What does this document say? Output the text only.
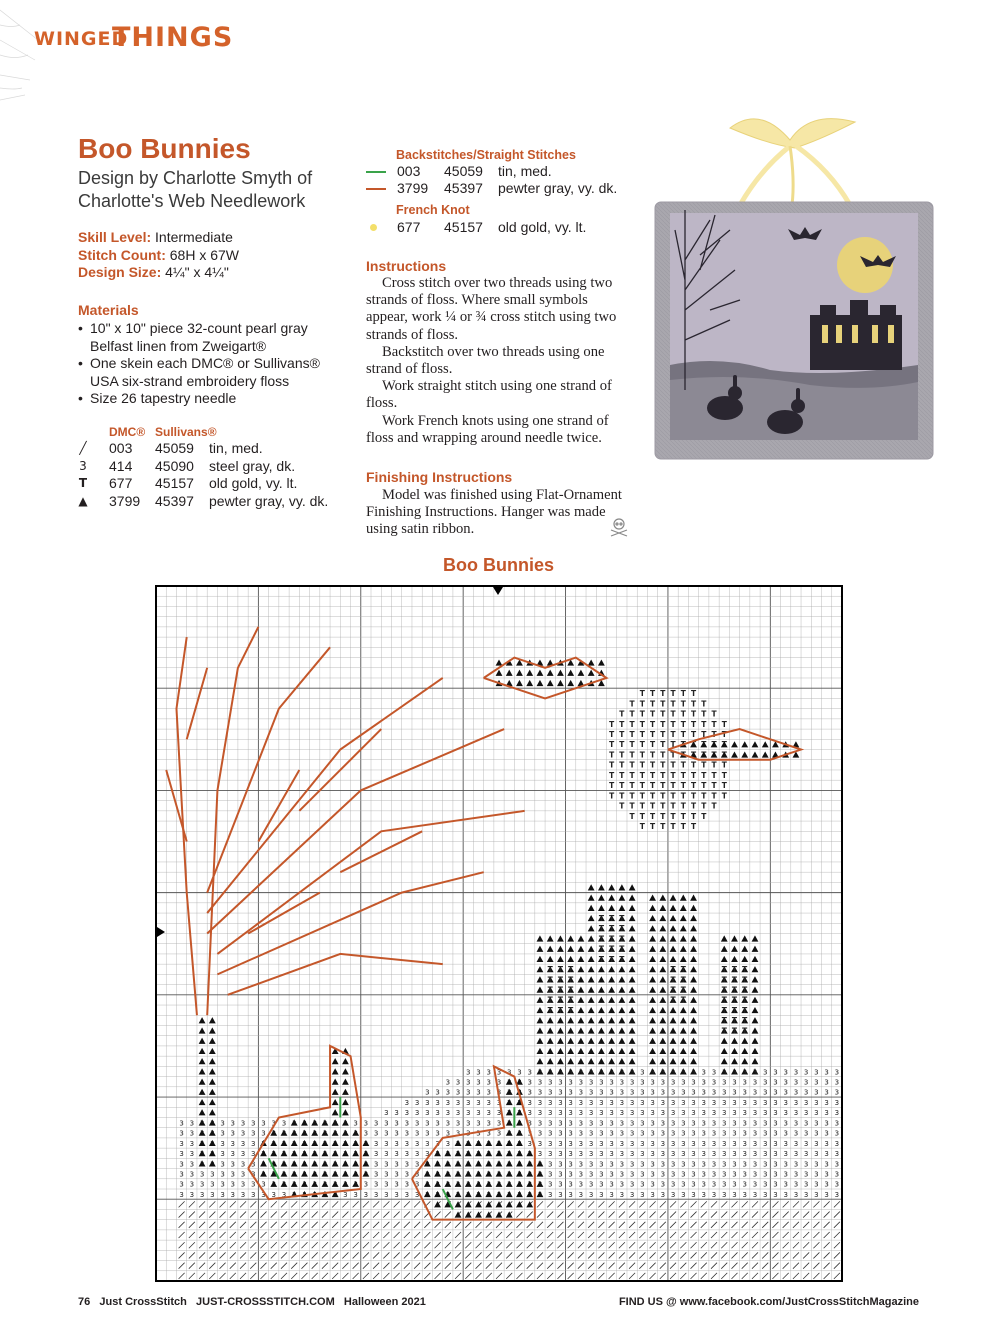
WINGED
THINGS
Boo Bunnies
Design by Charlotte Smyth of
Charlotte's Web Needlework
Skill Level: Intermediate
Stitch Count: 68H x 67W
Design Size: 4¼" x 4¼"
Materials
• 10" x 10" piece 32-count pearl gray Belfast linen from Zweigart®
• One skein each DMC® or Sullivans® USA six-strand embroidery floss
• Size 26 tapestry needle
DMC® Sullivans®
╱ 003 45059 tin, med.
3 414 45090 steel gray, dk.
T 677 45157 old gold, vy. lt.
▲ 3799 45397 pewter gray, vy. dk.
Backstitches/Straight Stitches
003 45059 tin, med.
3799 45397 pewter gray, vy. dk.
French Knot
677 45157 old gold, vy. lt.
Instructions

Cross stitch over two threads using two strands of floss. Where small symbols appear, work ¼ or ¾ cross stitch using two strands of floss.

Backstitch over two threads using one strand of floss.

Work straight stitch using one strand of floss.

Work French knots using one strand of floss and wrapping around needle twice.

Finishing Instructions

Model was finished using Flat-Ornament Finishing Instructions. Hanger was made using satin ribbon.

Boo Bunnies
T T T T T T
T T T T T T T T
T T T T T T T T T T
T T T T T T T T T T T T
T T T T T T T T T T T T
T T T T T T T
T T T T T T T
T T T T T T T T T T T T
T T T T T T T T T T T T
T T T T T T T T T T T T
T T T T T T T T T T T T
T T T T T T T T T T
T T T T T T T T
T T T T T T
T T T
T T T
T T T
T T T
T T T
T T
T T
T T
T T
T T T
T T T
T T T
T T T
T T T
T T T
T T T
T T T
T T T
T T T
T T T
T T T
3 3 3 3 3 3 3 3 3 3 3 3 3 3 3 3 3 3 3 3 3 3 3 3 3 3 3 3 3 3 3 3 3 3 3 3 3
3 3 3 3 3 3	3 3 3 3 3 3 3 3 3 3 3 3 3 3 3 3 3 3 3 3 3 3 3 3 3 3 3 3 3 3 3
3 3 3 3 3 3 3 3	3 3 3 3 3 3 3 3 3 3 3 3 3 3 3 3 3 3 3 3 3 3 3 3 3 3 3 3 3 3 3
3 3 3 3 3 3 3 3 3 3	3 3 3 3 3 3 3 3 3 3 3 3 3 3 3 3 3 3 3 3 3 3 3 3 3 3 3 3 3 3 3
3 3 3 3 3 3 3 3 3 3 3 3	3 3 3 3 3 3 3 3 3 3 3 3 3 3 3 3 3 3 3 3 3 3 3 3 3 3 3 3 3 3 3
3 3	3 3 3 3 3 3 3	3 3 3 3 3 3 3 3 3 3 3 3 3 3 3	3 3 3 3 3 3 3 3 3 3 3 3 3 3 3 3 3 3 3 3 3 3 3 3 3 3 3 3 3 3 3
3 3	3 3 3 3 3	3 3 3 3 3 3 3 3 3 3 3 3 3 3	3 3 3 3 3 3 3 3 3 3 3 3 3 3 3 3 3 3 3 3 3 3 3 3 3 3 3 3 3 3 3
3 3	3 3 3 3	3 3 3 3 3 3 3 3	3 3 3 3 3 3 3 3 3 3 3 3 3 3 3 3 3 3 3 3 3 3 3 3 3 3 3 3 3 3 3
3 3	3 3 3 3	3 3 3 3 3 3	3 3 3 3 3 3 3 3 3 3 3 3 3 3 3 3 3 3 3 3 3 3 3 3 3 3 3 3 3 3
3 3	3 3 3 3	3 3 3 3 3	3 3 3 3 3 3 3 3 3 3 3 3 3 3 3 3 3 3 3 3 3 3 3 3 3 3 3 3 3
3 3 3 3 3 3 3 3	3 3 3 3 3	3 3 3 3 3 3 3 3 3 3 3 3 3 3 3 3 3 3 3 3 3 3 3 3 3 3 3 3 3
3 3 3 3 3 3 3 3 3	3 3 3 3 3 3	3 3 3 3 3 3 3 3 3 3 3 3 3 3 3 3 3 3 3 3 3 3 3 3 3 3 3 3 3
3 3 3 3 3 3 3 3 3 3 3	3 3 3 3 3 3 3 3	3 3 3 3 3 3 3 3 3 3 3 3 3 3 3 3 3 3 3 3 3 3 3 3 3 3 3 3 3
76 Just CrossStitch JUST-CROSSSTITCH.COM Halloween 2021	FIND US @ www.facebook.com/JustCrossStitchMagazine
